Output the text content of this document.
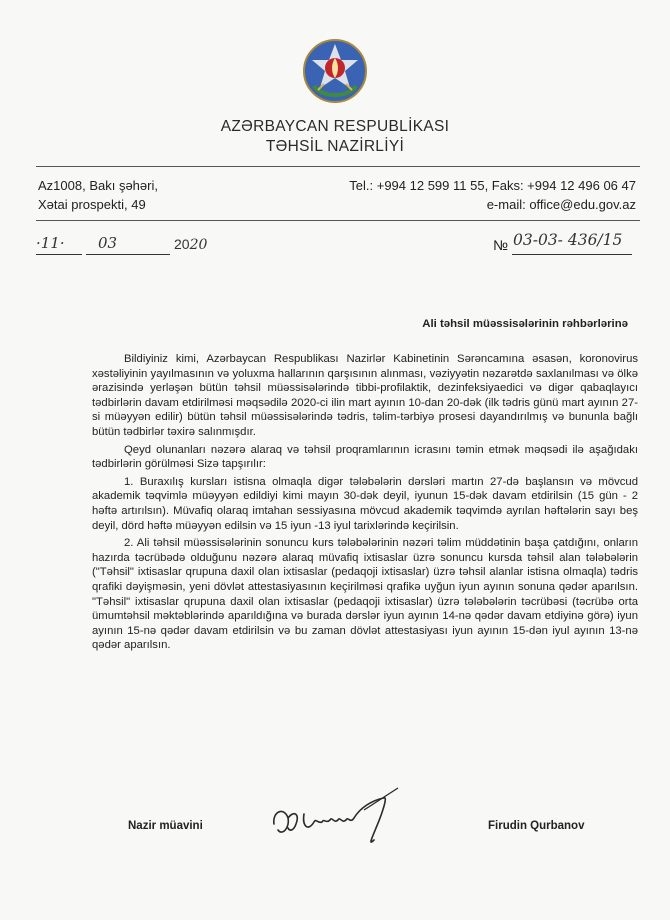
AZƏRBAYCAN RESPUBLİKASI
TƏHSİL NAZİRLİYİ
Az1008, Bakı şəhəri,
Xətai prospekti, 49
Tel.: +994 12 599 11 55, Faks: +994 12 496 06 47
e-mail: office@edu.gov.az
·11· 03	2020	№ 03-03- 436/15
Ali təhsil müəssisələrinin rəhbərlərinə

Bildiyiniz kimi, Azərbaycan Respublikası Nazirlər Kabinetinin Sərəncamına əsasən, koronovirus xəstəliyinin yayılmasının və yoluxma hallarının qarşısının alınması, vəziyyətin nəzarətdə saxlanılması və ölkə ərazisində yerləşən bütün təhsil müəssisələrində tibbi-profilaktik, dezinfeksiyaedici və digər qabaqlayıcı tədbirlərin davam etdirilməsi məqsədilə 2020-ci ilin mart ayının 10-dan 20-dək (ilk tədris günü mart ayının 27-si müəyyən edilir) bütün təhsil müəssisələrində tədris, təlim-tərbiyə prosesi dayandırılmış və bununla bağlı bütün tədbirlər təxirə salınmışdır.

Qeyd olunanları nəzərə alaraq və təhsil proqramlarının icrasını təmin etmək məqsədi ilə aşağıdakı tədbirlərin görülməsi Sizə tapşırılır:

1. Buraxılış kursları istisna olmaqla digər tələbələrin dərsləri martın 27-də başlansın və mövcud akademik təqvimlə müəyyən edildiyi kimi mayın 30-dək deyil, iyunun 15-dək davam etdirilsin (15 gün - 2 həftə artırılsın). Müvafiq olaraq imtahan sessiyasına mövcud akademik təqvimdə ayrılan həftələrin sayı beş deyil, dörd həftə müəyyən edilsin və 15 iyun -13 iyul tarixlərində keçirilsin.

2. Ali təhsil müəssisələrinin sonuncu kurs tələbələrinin nəzəri təlim müddətinin başa çatdığını, onların hazırda təcrübədə olduğunu nəzərə alaraq müvafiq ixtisaslar üzrə sonuncu kursda təhsil alan tələbələrin ("Təhsil" ixtisaslar qrupuna daxil olan ixtisaslar (pedaqoji ixtisaslar) üzrə təhsil alanlar istisna olmaqla) tədris qrafiki dəyişməsin, yeni dövlət attestasiyasının keçirilməsi qrafikə uyğun iyun ayının sonuna qədər aparılsın. "Təhsil" ixtisaslar qrupuna daxil olan ixtisaslar (pedaqoji ixtisaslar) üzrə tələbələrin təcrübəsi (təcrübə orta ümumtəhsil məktəblərində aparıldığına və burada dərslər iyun ayının 14-nə qədər davam etdiyinə görə) iyun ayının 15-nə qədər davam etdirilsin və bu zaman dövlət attestasiyası iyun ayının 15-dən iyul ayının 13-nə qədər aparılsın.

Nazir müavini	Firudin Qurbanov
